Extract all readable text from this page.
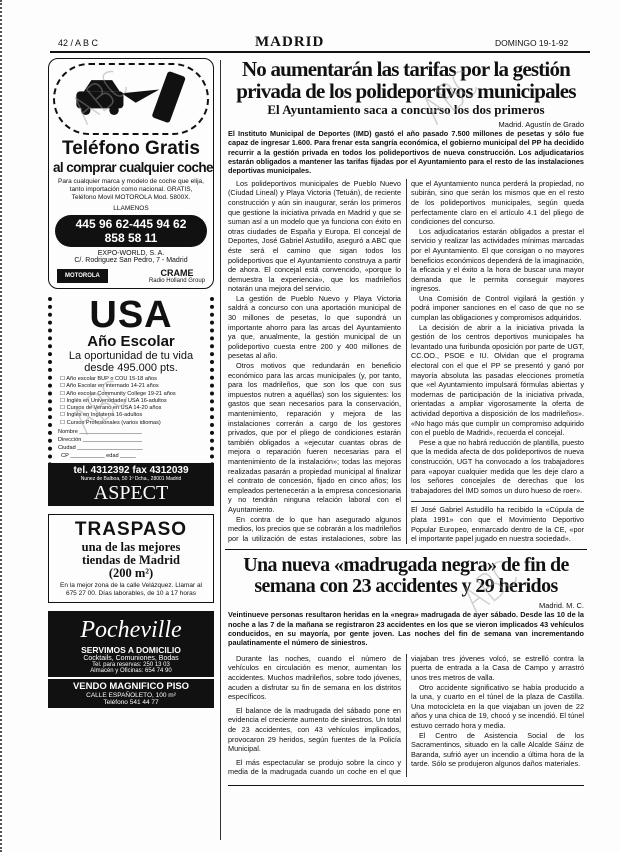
42 / A B C	MADRID	DOMINGO 19-1-92
Teléfono Gratis
al comprar cualquier coche
Para cualquier marca y modelo de coche que elija, tanto importación como nacional. GRATIS, Teléfono Movil MOTOROLA Mod. 5800X.
LLAMENOS
445 96 62-445 94 62
858 58 11
EXPO-WORLD, S. A.
C/. Rodriguez San Pedro, 7 - Madrid
MOTOROLA	CRAME
Radio Holland Group
USA
Año Escolar
La oportunidad de tu vida
desde 495.000 pts.
☐ Año escolar BUP o COU 15-18 años
☐ Año Escolar en internado 14-21 años
☐ Año escolar Community College 19-21 años
☐ Inglés en Universidades USA 16-adultos
☐ Cursos de Verano en USA 14-20 años
☐ Inglés en Inglaterra 16-adultos
☐ Cursos Profesionales (varios idiomas)
Nombre ____________________
Dirección ___________________
Ciudad _____________________
CP ___________ edad _____
tel. 4312392 fax 4312039
Nunez de Balboa, 50 1º Dcha., 28001 Madrid
ASPECT
TRASPASO
una de las mejores
tiendas de Madrid
(200 m²)
En la mejor zona de la calle Velázquez. Llamar al 675 27 00. Días laborables, de 10 a 17 horas
Pocheville
SERVIMOS A DOMICILIO
Cocktails, Comuniones, Bodas
Tel. para reservas: 250 13 03
Almacén y Oficinas: 654 74 90
VENDO MAGNIFICO PISO
CALLE ESPAÑOLETO, 100 m²
Teléfono 541 44 77
No aumentarán las tarifas por la gestión privada de los polideportivos municipales
El Ayuntamiento saca a concurso los dos primeros
Madrid. Agustín de Grado

El Instituto Municipal de Deportes (IMD) gastó el año pasado 7.500 millones de pesetas y sólo fue capaz de ingresar 1.600. Para frenar esta sangría económica, el gobierno municipal del PP ha decidido recurrir a la gestión privada en todos los polideportivos de nueva construcción. Los adjudicatarios estarán obligados a mantener las tarifas fijadas por el Ayuntamiento para el resto de las instalaciones deportivas municipales.

Los polideportivos municipales de Pueblo Nuevo (Ciudad Lineal) y Playa Victoria (Tetuán), de reciente construcción y aún sin inaugurar, serán los primeros que gestione la iniciativa privada en Madrid y que se suman así a un modelo que ya funciona con éxito en otras ciudades de España y Europa. El concejal de Deportes, José Gabriel Astudillo, aseguró a ABC que éste será el camino que sigan todos los polideportivos que el Ayuntamiento construya a partir de ahora. El concejal está convencido, «porque lo demuestra la experiencia», que los madrileños notarán una mejora del servicio.

La gestión de Pueblo Nuevo y Playa Victoria saldrá a concurso con una aportación municipal de 30 millones de pesetas, lo que supondrá un importante ahorro para las arcas del Ayuntamiento ya que, anualmente, la gestión municipal de un polideportivo cuesta entre 200 y 400 millones de pesetas al año.

Otros motivos que redundarán en beneficio económico para las arcas municipales (y, por tanto, para los madrileños, que son los que con sus impuestos nutren a aquéllas) son los siguientes: los gastos que sean necesarios para la conservación, mantenimiento, reparación y mejora de las instalaciones correrán a cargo de los gestores privados, que por el pliego de condiciones estarán también obligados a «ejecutar cuantas obras de mejora o reparación fueren necesarias para el mantenimiento de la instalación»; todas las mejoras realizadas pasarán a propiedad municipal al finalizar el contrato de concesión, fijado en cinco años; los empleados pertenecerán a la empresa concesionaria y no tendrán ninguna relación laboral con el Ayuntamiento.

En contra de lo que han asegurado algunos medios, los precios que se cobrarán a los madrileños por la utilización de estas instalaciones, sobre las que el Ayuntamiento nunca perderá la propiedad, no subirán, sino que serán los mismos que en el resto de los polideportivos municipales, según queda perfectamente claro en el artículo 4.1 del pliego de condiciones del concurso.

Los adjudicatarios estarán obligados a prestar el servicio y realizar las actividades mínimas marcadas por el Ayuntamiento. El que consigan o no mayores beneficios económicos dependerá de la imaginación, la eficacia y el éxito a la hora de buscar una mayor demanda que le permita conseguir mayores ingresos.

Una Comisión de Control vigilará la gestión y podrá imponer sanciones en el caso de que no se cumplan las obligaciones y compromisos adquiridos.

La decisión de abrir a la iniciativa privada la gestión de los centros deportivos municipales ha levantado una furibunda oposición por parte de UGT, CC.OO., PSOE e IU. Olvidan que el programa electoral con el que el PP se presentó y ganó por mayoría absoluta las pasadas elecciones prometía que «el Ayuntamiento impulsará fórmulas abiertas y modernas de participación de la iniciativa privada, orientadas a ampliar vigorosamente la oferta de actividad deportiva a disposición de los madrileños». «No hago más que cumplir un compromiso adquirido con el pueblo de Madrid», recuerda el concejal.

Pese a que no habrá reducción de plantilla, puesto que la medida afecta de dos polideportivos de nueva construcción, UGT ha convocado a los trabajadores para «apoyar cualquier medida que les deje claro a los señores concejales de derechas que los trabajadores del IMD somos un duro hueso de roer».

El José Gabriel Astudillo ha recibido la «Cúpula de plata 1991» con que el Movimiento Deportivo Popular Europeo, enmarcado dentro de la CE, «por el importante papel jugado en nuestra sociedad».

Una nueva «madrugada negra» de fin de semana con 23 accidentes y 29 heridos
Madrid. M. C.

Veintinueve personas resultaron heridas en la «negra» madrugada de ayer sábado. Desde las 10 de la noche a las 7 de la mañana se registraron 23 accidentes en los que se vieron implicados 43 vehículos conducidos, en su mayoría, por gente joven. Las noches del fin de semana van incrementando paulatinamente el número de siniestros.

Durante las noches, cuando el número de vehículos en circulación es menor, aumentan los accidentes. Muchos madrileños, sobre todo jóvenes, acuden a disfrutar su fin de semana en los distritos específicos.

El balance de la madrugada del sábado pone en evidencia el creciente aumento de siniestros. Un total de 23 accidentes, con 43 vehículos implicados, provocaron 29 heridos, según fuentes de la Policía Municipal.

El más espectacular se produjo sobre la cinco y media de la madrugada cuando un coche en el que viajaban tres jóvenes volcó, se estrelló contra la puerta de entrada a la Casa de Campo y arrastró unos tres metros de valla.

Otro accidente significativo se había producido a la una, y cuarto en el túnel de la plaza de Castilla. Una motocicleta en la que viajaban un joven de 22 años y una chica de 19, chocó y se incendió. El túnel estuvo cerrado hora y media.

El Centro de Asistencia Social de los Sacramentinos, situado en la calle Alcalde Sáinz de Baranda, sufrió ayer un incendio a última hora de la tarde. Sólo se produjeron algunos daños materiales.
